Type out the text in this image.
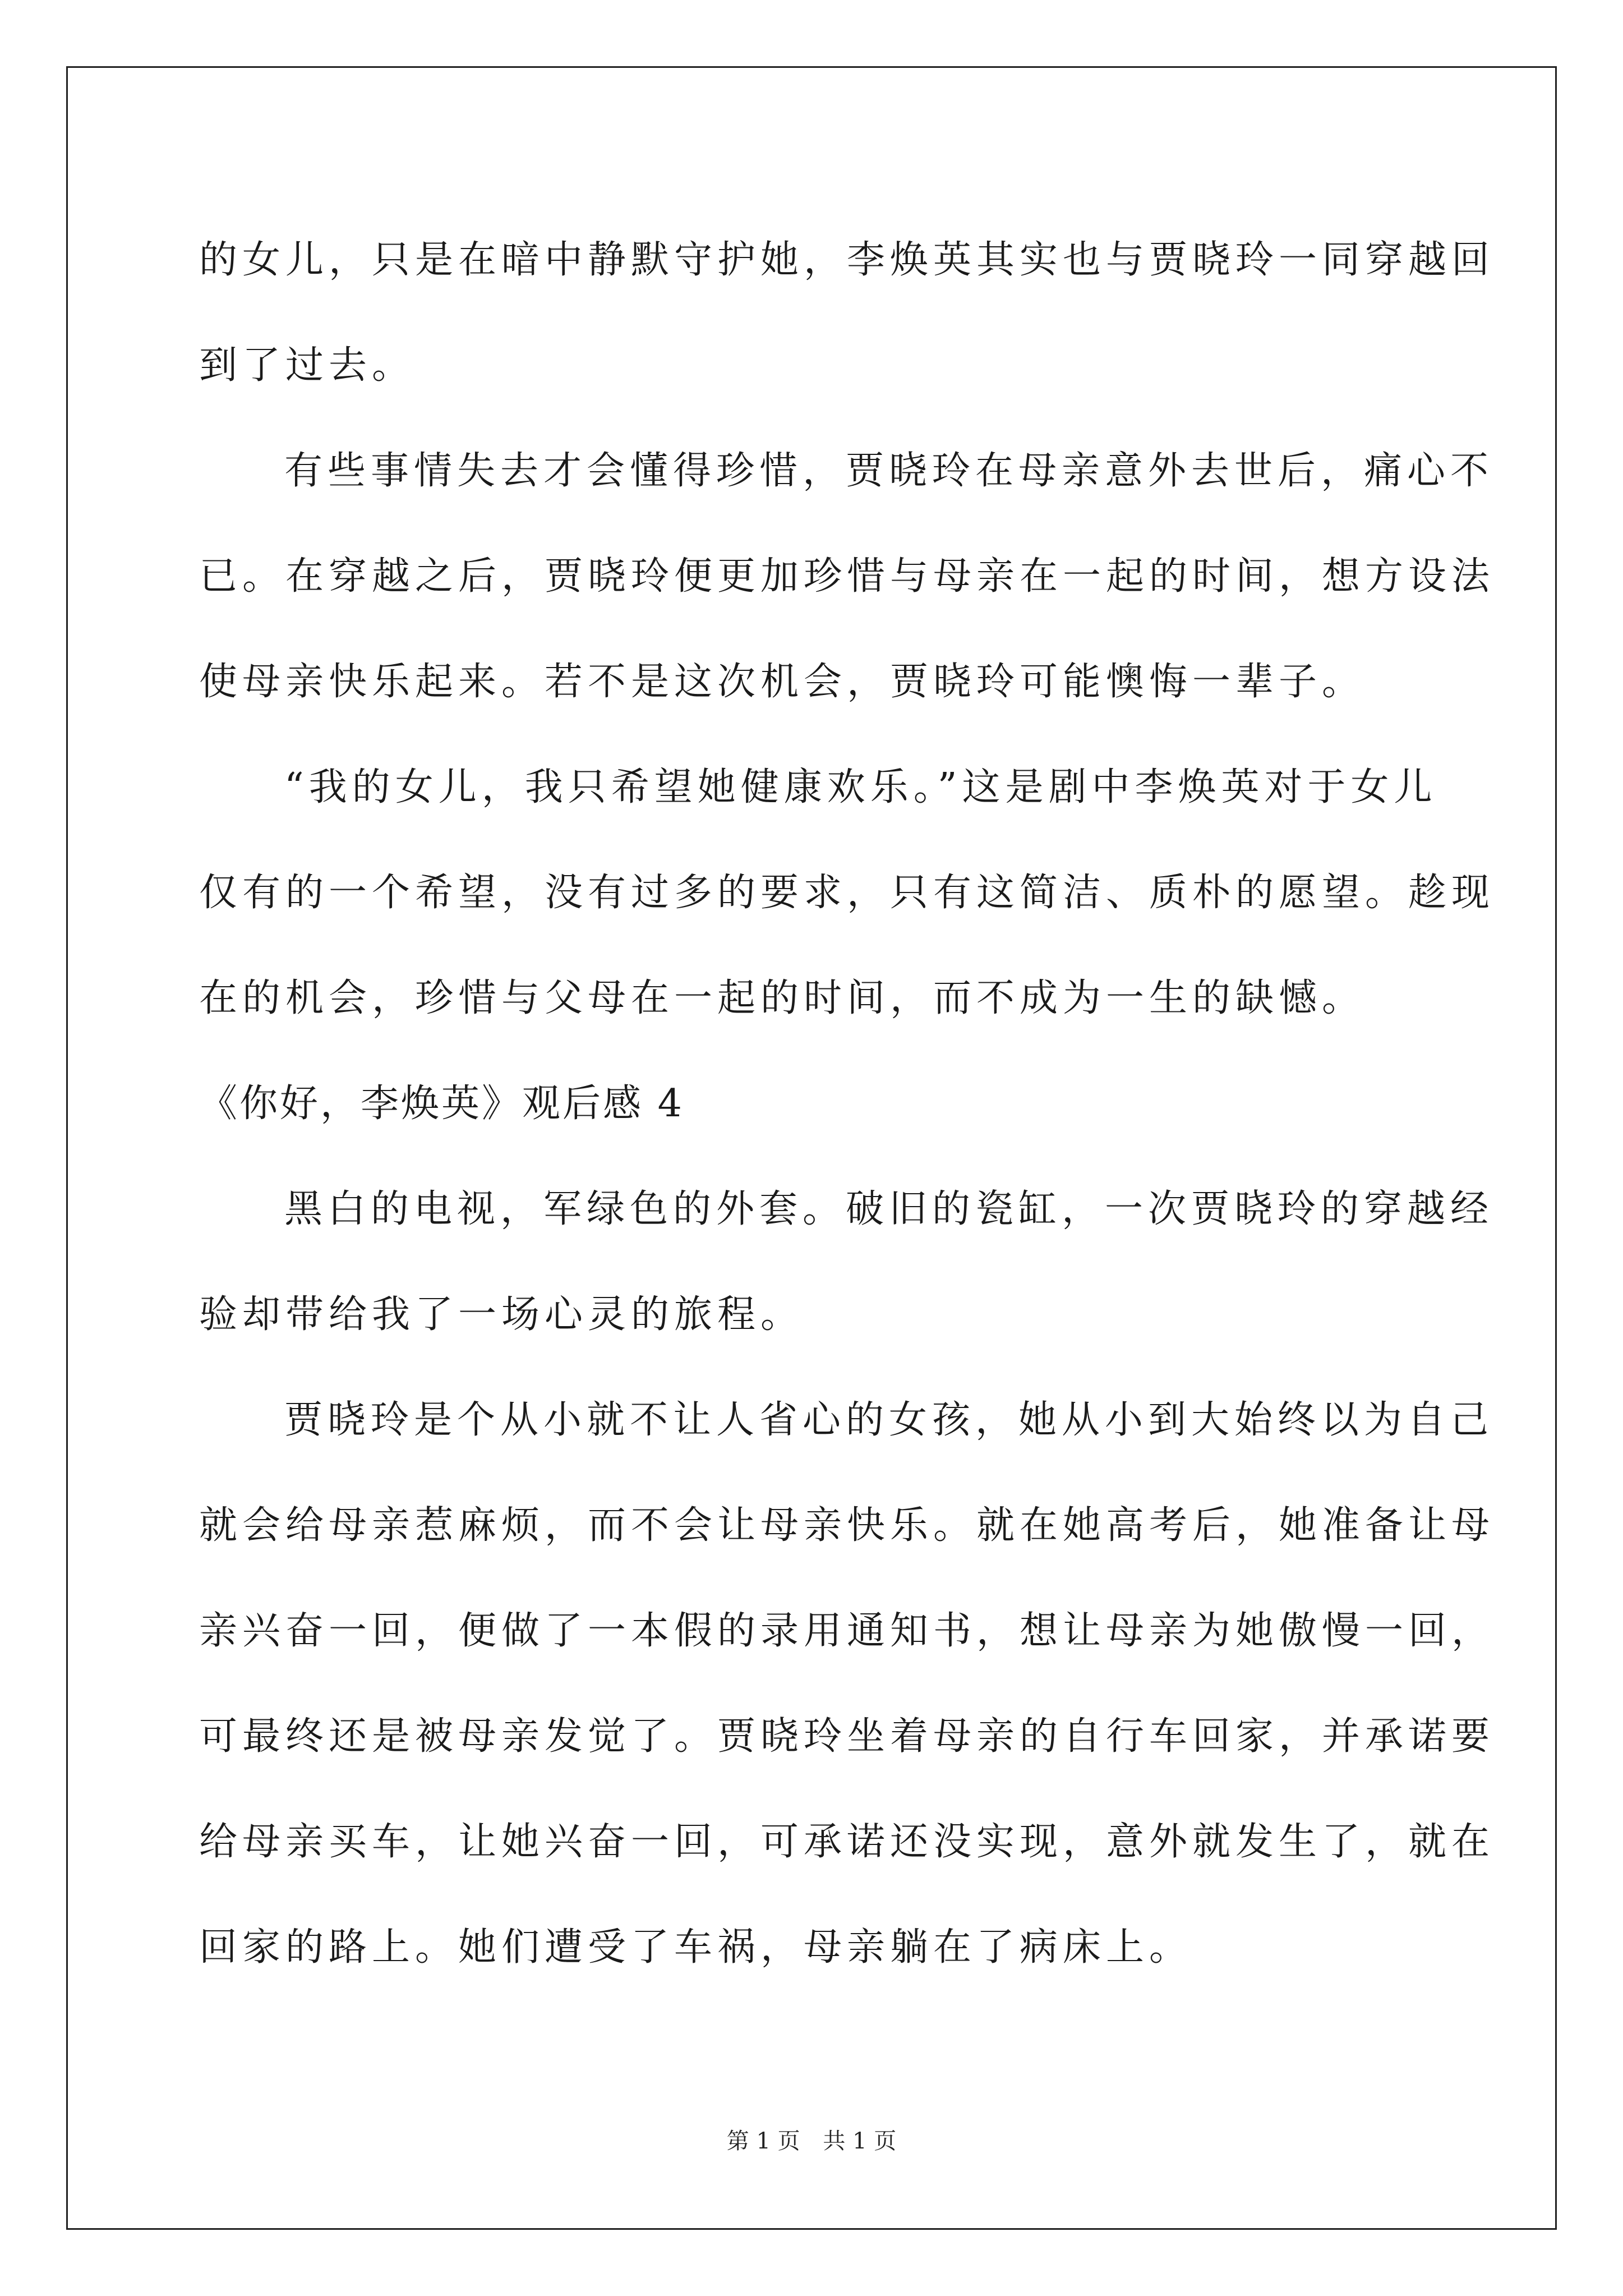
的女儿，只是在暗中静默守护她，李焕英其实也与贾晓玲一同穿越回
到了过去。
有些事情失去才会懂得珍惜，贾晓玲在母亲意外去世后，痛心不
已。在穿越之后，贾晓玲便更加珍惜与母亲在一起的时间，想方设法
使母亲快乐起来。若不是这次机会，贾晓玲可能懊悔一辈子。
“我的女儿，我只希望她健康欢乐。”这是剧中李焕英对于女儿
仅有的一个希望，没有过多的要求，只有这简洁、质朴的愿望。趁现
在的机会，珍惜与父母在一起的时间，而不成为一生的缺憾。
《你好，李焕英》观后感 4
黑白的电视，军绿色的外套。破旧的瓷缸，一次贾晓玲的穿越经
验却带给我了一场心灵的旅程。
贾晓玲是个从小就不让人省心的女孩，她从小到大始终以为自己
就会给母亲惹麻烦，而不会让母亲快乐。就在她高考后，她准备让母
亲兴奋一回，便做了一本假的录用通知书，想让母亲为她傲慢一回，
可最终还是被母亲发觉了。贾晓玲坐着母亲的自行车回家，并承诺要
给母亲买车，让她兴奋一回，可承诺还没实现，意外就发生了，就在
回家的路上。她们遭受了车祸，母亲躺在了病床上。
第 1 页 共 1 页
